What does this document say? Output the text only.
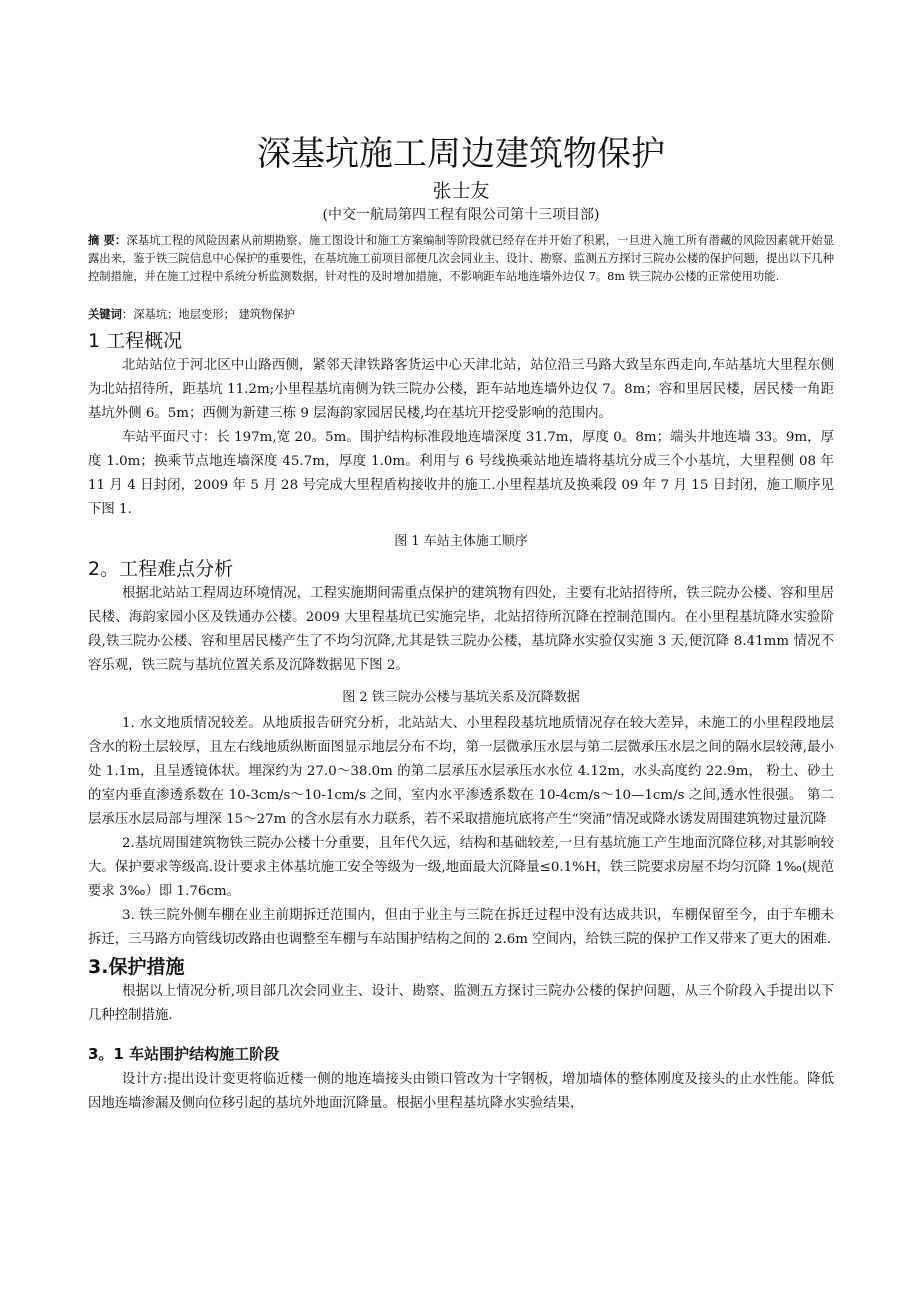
深基坑施工周边建筑物保护
张士友
(中交一航局第四工程有限公司第十三项目部)

摘 要：深基坑工程的风险因素从前期勘察、施工图设计和施工方案编制等阶段就已经存在并开始了积累，一旦进入施工所有潜藏的风险因素就开始显露出来，鉴于铁三院信息中心保护的重要性，在基坑施工前项目部便几次会同业主、设计、勘察、监测五方探讨三院办公楼的保护问题，提出以下几种控制措施，并在施工过程中系统分析监测数据，针对性的及时增加措施，不影响距车站地连墙外边仅 7。8m 铁三院办公楼的正常使用功能.

关键词：深基坑；地层变形； 建筑物保护

1 工程概况

北站站位于河北区中山路西侧，紧邻天津铁路客货运中心天津北站，站位沿三马路大致呈东西走向,车站基坑大里程东侧为北站招待所，距基坑 11.2m;小里程基坑南侧为铁三院办公楼，距车站地连墙外边仅 7。8m；容和里居民楼，居民楼一角距基坑外侧 6。5m；西侧为新建三栋 9 层海韵家园居民楼,均在基坑开挖受影响的范围内。

车站平面尺寸：长 197m,宽 20。5m。围护结构标准段地连墙深度 31.7m，厚度 0。8m；端头井地连墙 33。9m，厚度 1.0m；换乘节点地连墙深度 45.7m，厚度 1.0m。利用与 6 号线换乘站地连墙将基坑分成三个小基坑，大里程侧 08 年 11 月 4 日封闭，2009 年 5 月 28 号完成大里程盾构接收井的施工.小里程基坑及换乘段 09 年 7 月 15 日封闭，施工顺序见下图 1.

图 1 车站主体施工顺序

2。工程难点分析

根据北站站工程周边环境情况，工程实施期间需重点保护的建筑物有四处，主要有北站招待所，铁三院办公楼、容和里居民楼、海韵家园小区及铁通办公楼。2009 大里程基坑已实施完毕，北站招待所沉降在控制范围内。在小里程基坑降水实验阶段,铁三院办公楼、容和里居民楼产生了不均匀沉降,尤其是铁三院办公楼，基坑降水实验仅实施 3 天,便沉降 8.41mm 情况不容乐观，铁三院与基坑位置关系及沉降数据见下图 2。

图 2 铁三院办公楼与基坑关系及沉降数据

1. 水文地质情况较差。从地质报告研究分析，北站站大、小里程段基坑地质情况存在较大差异，未施工的小里程段地层含水的粉土层较厚，且左右线地质纵断面图显示地层分布不均，第一层微承压水层与第二层微承压水层之间的隔水层较薄,最小处 1.1m，且呈透镜体状。埋深约为 27.0～38.0m 的第二层承压水层承压水水位 4.12m，水头高度约 22.9m， 粉土、砂土的室内垂直渗透系数在 10-3cm/s～10-1cm/s 之间，室内水平渗透系数在 10-4cm/s～10—1cm/s 之间,透水性很强。 第二层承压水层局部与埋深 15～27m 的含水层有水力联系，若不采取措施坑底将产生“突涌”情况或降水诱发周围建筑物过量沉降

2.基坑周围建筑物铁三院办公楼十分重要，且年代久远，结构和基础较差,一旦有基坑施工产生地面沉降位移,对其影响较大。保护要求等级高.设计要求主体基坑施工安全等级为一级,地面最大沉降量≤0.1%H，铁三院要求房屋不均匀沉降 1‰(规范要求 3‰）即 1.76cm。

3. 铁三院外侧车棚在业主前期拆迁范围内，但由于业主与三院在拆迁过程中没有达成共识，车棚保留至今，由于车棚未拆迁，三马路方向管线切改路由也调整至车棚与车站围护结构之间的 2.6m 空间内，给铁三院的保护工作又带来了更大的困难.

3.保护措施

根据以上情况分析,项目部几次会同业主、设计、勘察、监测五方探讨三院办公楼的保护问题，从三个阶段入手提出以下几种控制措施.

3。1 车站围护结构施工阶段

设计方:提出设计变更将临近楼一侧的地连墙接头由锁口管改为十字钢板，增加墙体的整体刚度及接头的止水性能。降低因地连墙渗漏及侧向位移引起的基坑外地面沉降量。根据小里程基坑降水实验结果，
